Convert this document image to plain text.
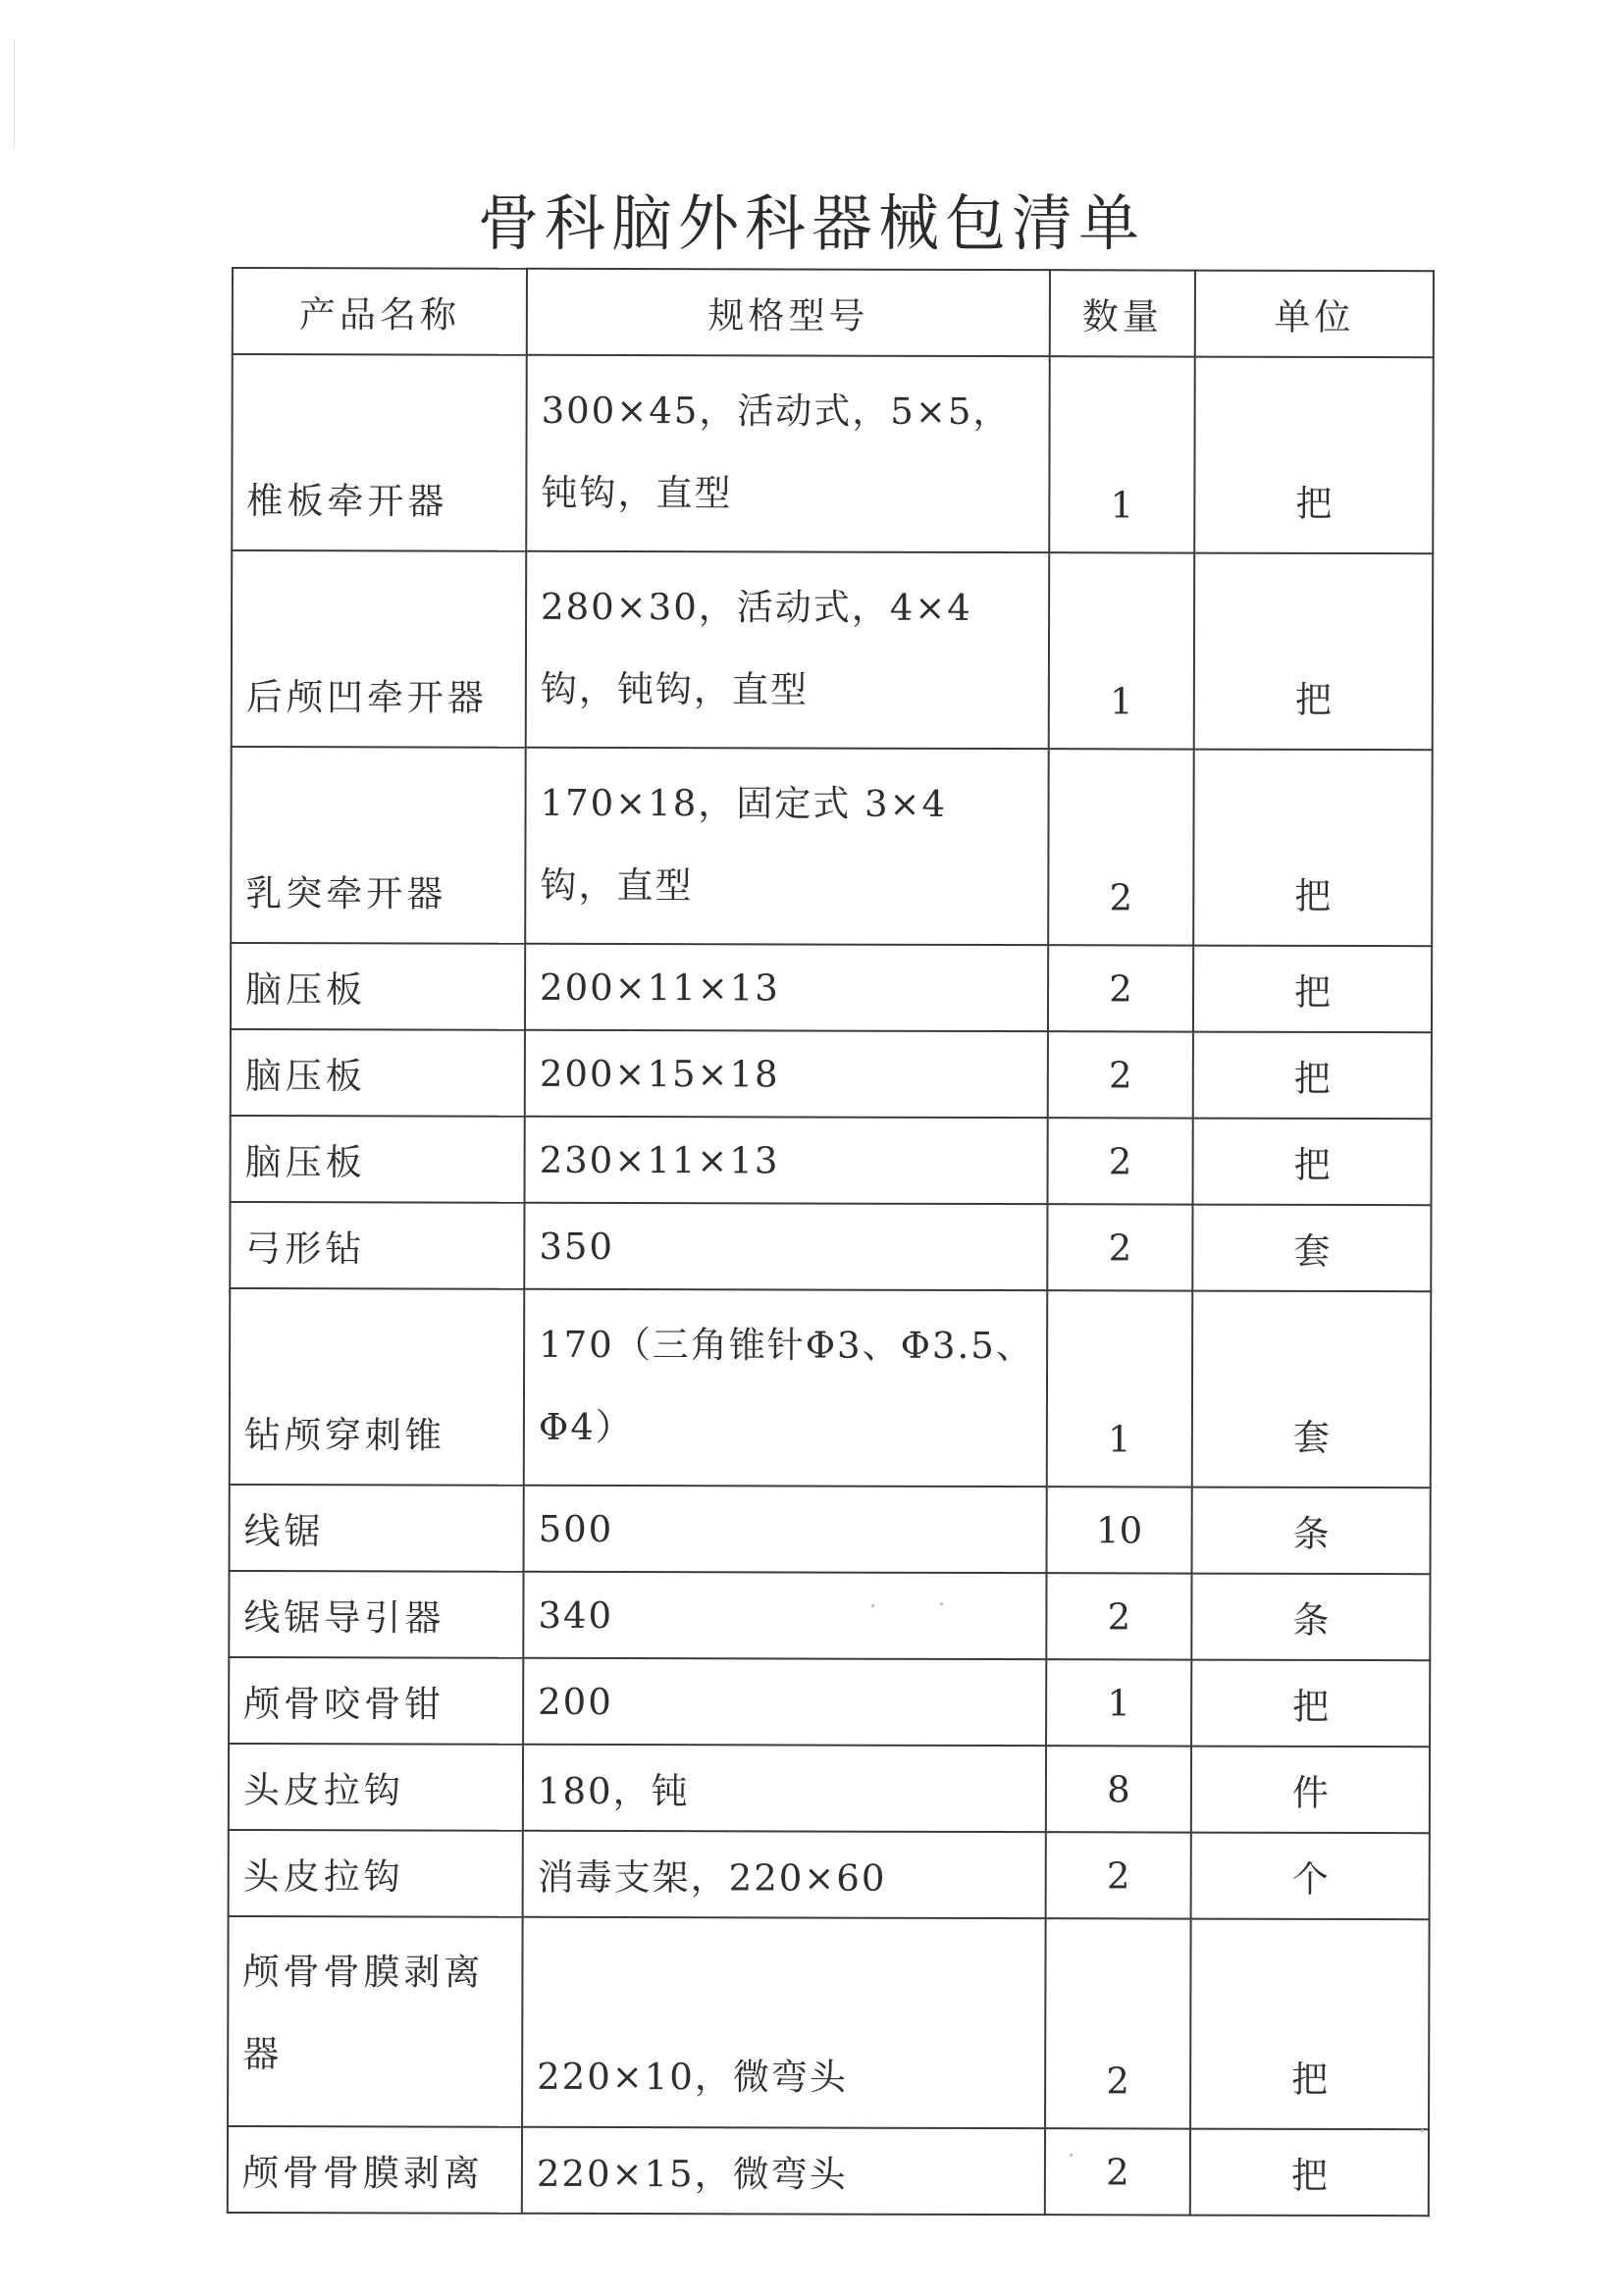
骨科脑外科器械包清单
产品名称	规格型号	数量	单位
椎板牵开器	300×45，活动式，5×5，钝钩，直型	1	把
后颅凹牵开器	280×30，活动式，4×4 钩，钝钩，直型	1	把
乳突牵开器	170×18，固定式 3×4 钩，直型	2	把
脑压板	200×11×13	2	把
脑压板	200×15×18	2	把
脑压板	230×11×13	2	把
弓形钻	350	2	套
钻颅穿刺锥	170（三角锥针Φ3、Φ3.5、Φ4）	1	套
线锯	500	10	条
线锯导引器	340	2	条
颅骨咬骨钳	200	1	把
头皮拉钩	180，钝	8	件
头皮拉钩	消毒支架，220×60	2	个
颅骨骨膜剥离器	220×10，微弯头	2	把
颅骨骨膜剥离	220×15，微弯头	2	把
